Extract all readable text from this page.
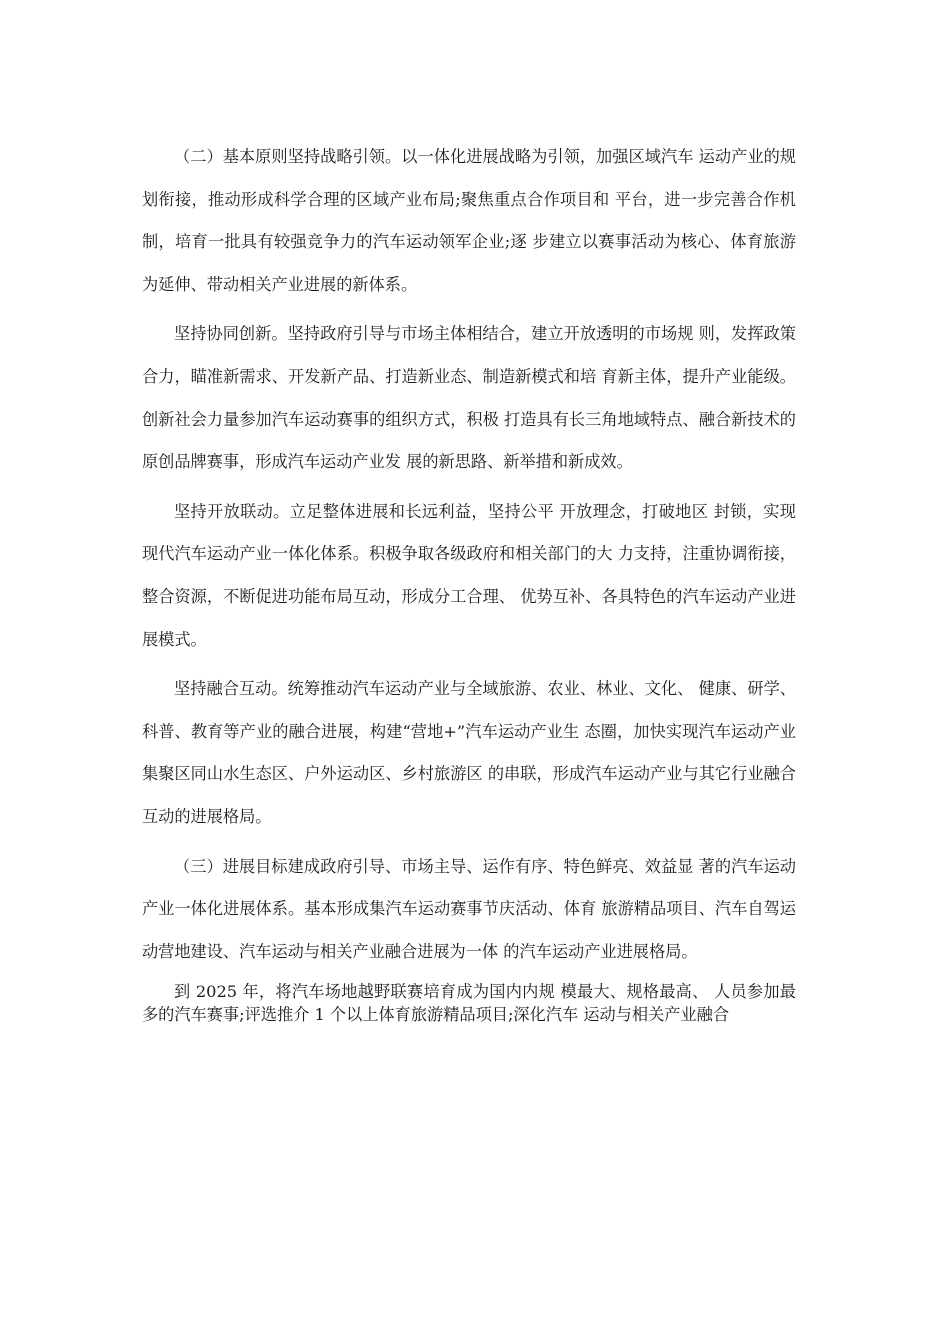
（二）基本原则坚持战略引领。以一体化进展战略为引领，加强区域汽车 运动产业的规划衔接，推动形成科学合理的区域产业布局;聚焦重点合作项目和 平台，进一步完善合作机制，培育一批具有较强竞争力的汽车运动领军企业;逐 步建立以赛事活动为核心、体育旅游为延伸、带动相关产业进展的新体系。

坚持协同创新。坚持政府引导与市场主体相结合，建立开放透明的市场规 则，发挥政策合力，瞄准新需求、开发新产品、打造新业态、制造新模式和培 育新主体，提升产业能级。创新社会力量参加汽车运动赛事的组织方式，积极 打造具有长三角地域特点、融合新技术的原创品牌赛事，形成汽车运动产业发 展的新思路、新举措和新成效。

坚持开放联动。立足整体进展和长远利益，坚持公平 开放理念，打破地区 封锁，实现现代汽车运动产业一体化体系。积极争取各级政府和相关部门的大 力支持，注重协调衔接，整合资源，不断促进功能布局互动，形成分工合理、 优势互补、各具特色的汽车运动产业进展模式。

坚持融合互动。统筹推动汽车运动产业与全域旅游、农业、林业、文化、 健康、研学、科普、教育等产业的融合进展，构建“营地+”汽车运动产业生 态圈，加快实现汽车运动产业集聚区同山水生态区、户外运动区、乡村旅游区 的串联，形成汽车运动产业与其它行业融合互动的进展格局。

（三）进展目标建成政府引导、市场主导、运作有序、特色鲜亮、效益显 著的汽车运动产业一体化进展体系。基本形成集汽车运动赛事节庆活动、体育 旅游精品项目、汽车自驾运动营地建设、汽车运动与相关产业融合进展为一体 的汽车运动产业进展格局。

到 2025 年，将汽车场地越野联赛培育成为国内内规 模最大、规格最高、 人员参加最多的汽车赛事;评选推介 1 个以上体育旅游精品项目;深化汽车 运动与相关产业融合
